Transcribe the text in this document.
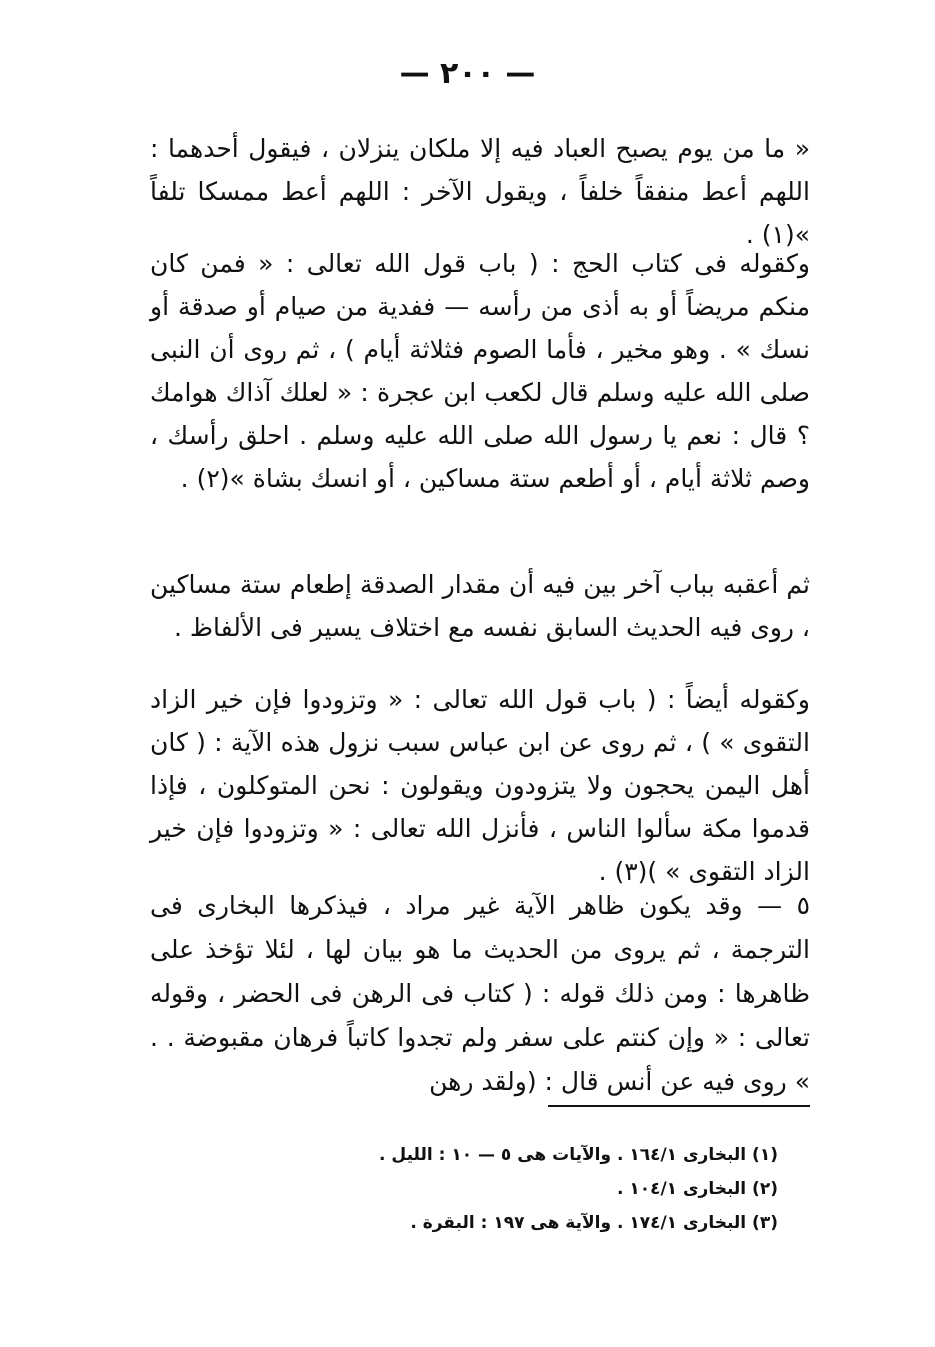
— ٢٠٠ —

« ما من يوم يصبح العباد فيه إلا ملكان ينزلان ، فيقول أحدهما : اللهم أعط منفقاً خلفاً ، ويقول الآخر : اللهم أعط ممسكا تلفاً »(١) .

وكقوله فى كتاب الحج : ( باب قول الله تعالى : « فمن كان منكم مريضاً أو به أذى من رأسه — ففدية من صيام أو صدقة أو نسك » . وهو مخير ، فأما الصوم فثلاثة أيام ) ، ثم روى أن النبى صلى الله عليه وسلم قال لكعب ابن عجرة : « لعلك آذاك هوامك ؟ قال : نعم يا رسول الله صلى الله عليه وسلم . احلق رأسك ، وصم ثلاثة أيام ، أو أطعم ستة مساكين ، أو انسك بشاة »(٢) .

ثم أعقبه بباب آخر بين فيه أن مقدار الصدقة إطعام ستة مساكين ، روى فيه الحديث السابق نفسه مع اختلاف يسير فى الألفاظ .

وكقوله أيضاً : ( باب قول الله تعالى : « وتزودوا فإن خير الزاد التقوى » ) ، ثم روى عن ابن عباس سبب نزول هذه الآية : ( كان أهل اليمن يحجون ولا يتزودون ويقولون : نحن المتوكلون ، فإذا قدموا مكة سألوا الناس ، فأنزل الله تعالى : « وتزودوا فإن خير الزاد التقوى » )(٣) .

٥ — وقد يكون ظاهر الآية غير مراد ، فيذكرها البخارى فى الترجمة ، ثم يروى من الحديث ما هو بيان لها ، لئلا تؤخذ على ظاهرها : ومن ذلك قوله : ( كتاب فى الرهن فى الحضر ، وقوله تعالى : « وإن كنتم على سفر ولم تجدوا كاتباً فرهان مقبوضة . . » روى فيه عن أنس قال : (ولقد رهن

(١) البخارى ١٦٤/١ . والآيات هى ٥ — ١٠ : الليل .
(٢) البخارى ١٠٤/١ .
(٣) البخارى ١٧٤/١ . والآية هى ١٩٧ : البقرة .
